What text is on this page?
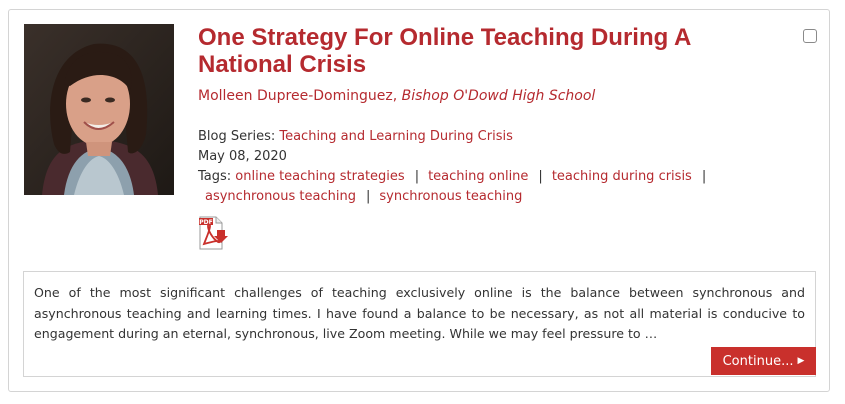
One Strategy For Online Teaching During A National Crisis
Molleen Dupree-Dominguez, Bishop O'Dowd High School
Blog Series: Teaching and Learning During Crisis
May 08, 2020
Tags: online teaching strategies | teaching online | teaching during crisis |
asynchronous teaching | synchronous teaching
PDF

One of the most significant challenges of teaching exclusively online is the balance between synchronous and asynchronous teaching and learning times. I have found a balance to be necessary, as not all material is conducive to engagement during an eternal, synchronous, live Zoom meeting. While we may feel pressure to …

Continue... ▶
